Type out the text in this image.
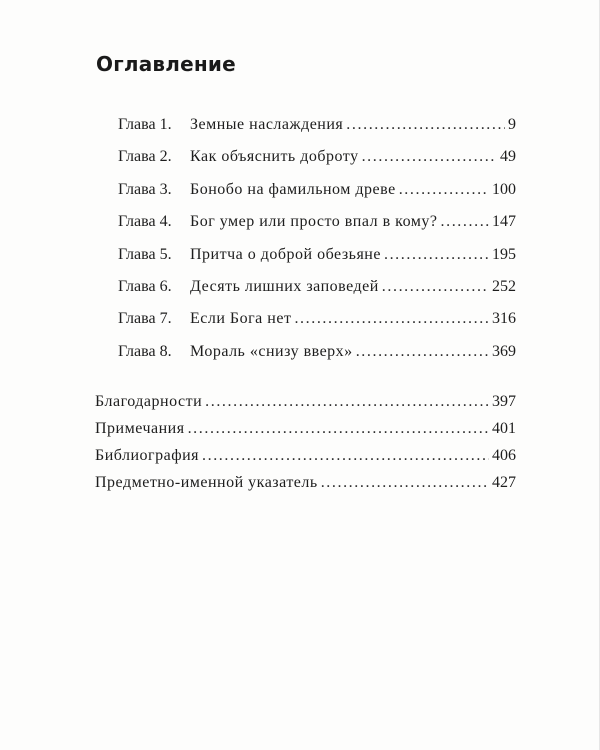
Оглавление
Глава 1.	Земные наслаждения .....	9
Глава 2.	Как объяснить доброту .....	49
Глава 3.	Бонобо на фамильном древе .....	100
Глава 4.	Бог умер или просто впал в кому? .....	147
Глава 5.	Притча о доброй обезьяне .....	195
Глава 6.	Десять лишних заповедей .....	252
Глава 7.	Если Бога нет .....	316
Глава 8.	Мораль «снизу вверх» .....	369
Благодарности .....	397
Примечания .....	401
Библиография .....	406
Предметно-именной указатель .....	427
